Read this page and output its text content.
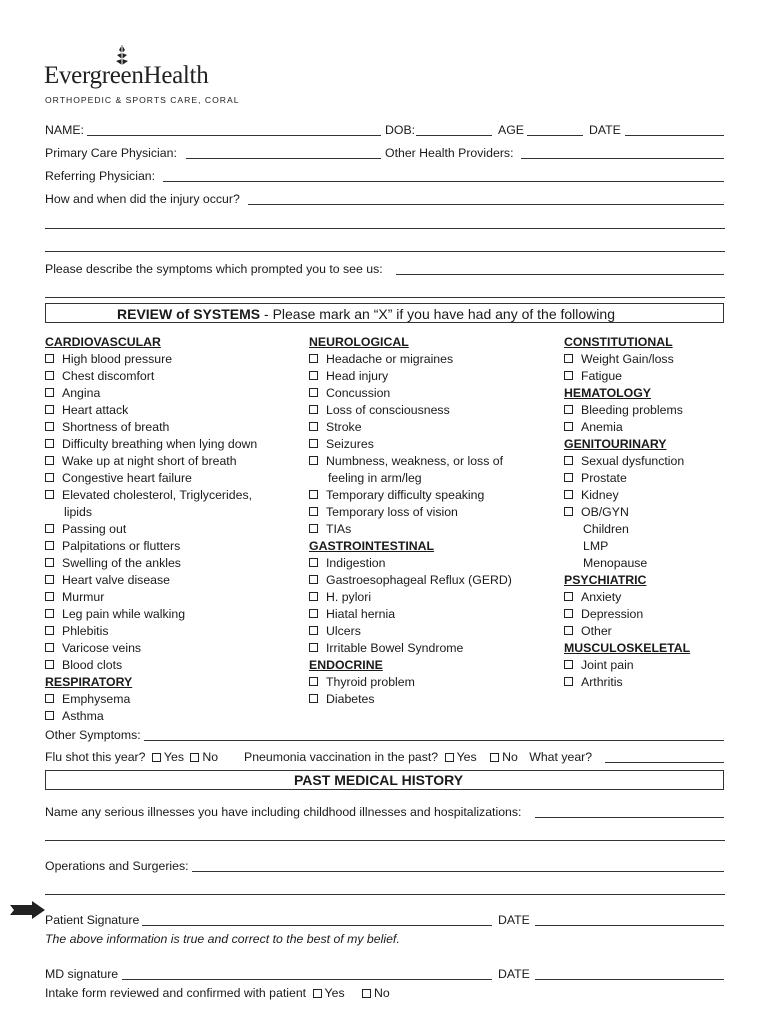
EvergreenHealth
ORTHOPEDIC & SPORTS CARE, CORAL
NAME:	DOB:	AGE	DATE
Primary Care Physician:	Other Health Providers:
Referring Physician:
How and when did the injury occur?
Please describe the symptoms which prompted you to see us:
REVIEW of SYSTEMS - Please mark an “X” if you have had any of the following
CARDIOVASCULAR
High blood pressure
Chest discomfort
Angina
Heart attack
Shortness of breath
Difficulty breathing when lying down
Wake up at night short of breath
Congestive heart failure
Elevated cholesterol, Triglycerides,
lipids
Passing out
Palpitations or flutters
Swelling of the ankles
Heart valve disease
Murmur
Leg pain while walking
Phlebitis
Varicose veins
Blood clots
RESPIRATORY
Emphysema
Asthma
NEUROLOGICAL
Headache or migraines
Head injury
Concussion
Loss of consciousness
Stroke
Seizures
Numbness, weakness, or loss of
feeling in arm/leg
Temporary difficulty speaking
Temporary loss of vision
TIAs
GASTROINTESTINAL
Indigestion
Gastroesophageal Reflux (GERD)
H. pylori
Hiatal hernia
Ulcers
Irritable Bowel Syndrome
ENDOCRINE
Thyroid problem
Diabetes
CONSTITUTIONAL
Weight Gain/loss
Fatigue
HEMATOLOGY
Bleeding problems
Anemia
GENITOURINARY
Sexual dysfunction
Prostate
Kidney
OB/GYN
Children
LMP
Menopause
PSYCHIATRIC
Anxiety
Depression
Other
MUSCULOSKELETAL
Joint pain
Arthritis
Other Symptoms:
Flu shot this year? Yes No Pneumonia vaccination in the past? Yes No What year?
PAST MEDICAL HISTORY
Name any serious illnesses you have including childhood illnesses and hospitalizations:
Operations and Surgeries:
Patient Signature	DATE
The above information is true and correct to the best of my belief.
MD signature	DATE
Intake form reviewed and confirmed with patient Yes No
